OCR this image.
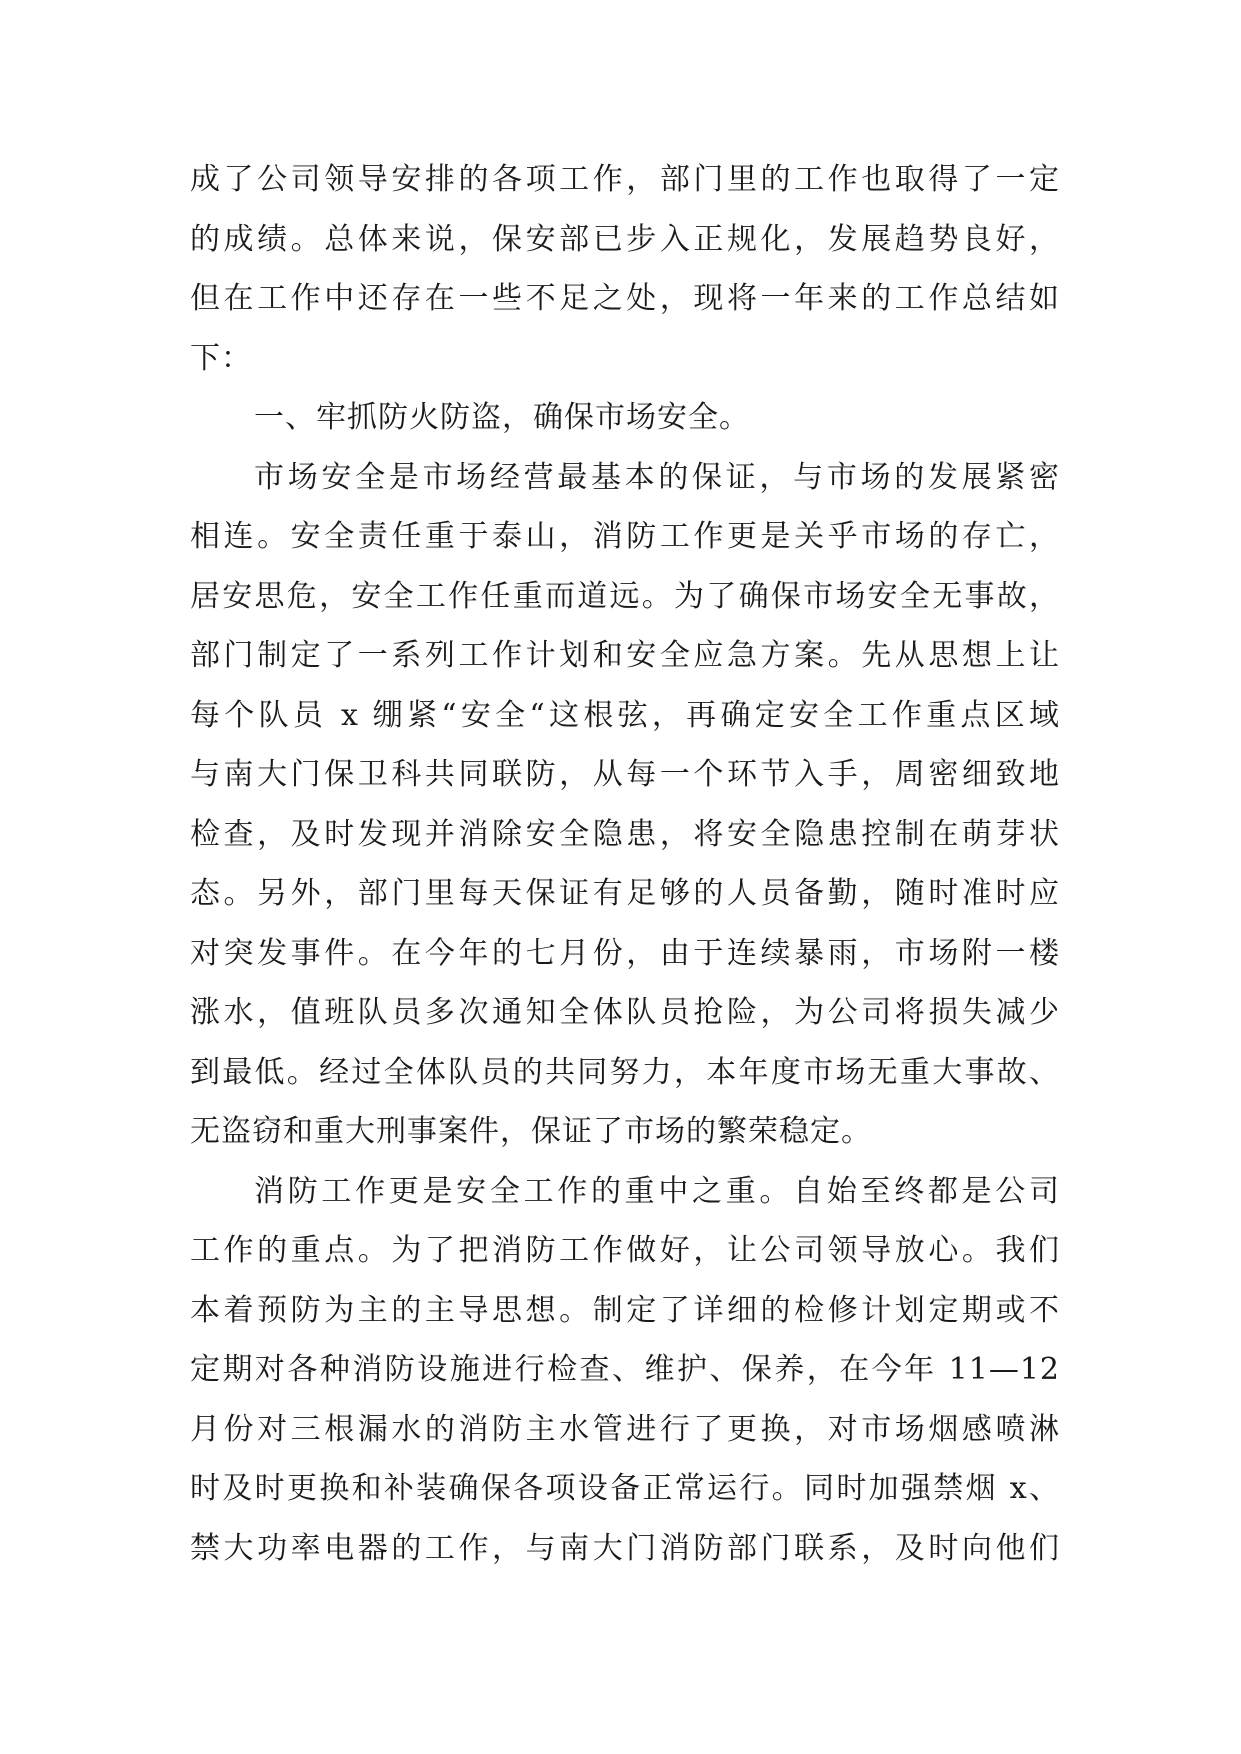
成了公司领导安排的各项工作，部门里的工作也取得了一定
的成绩。总体来说，保安部已步入正规化，发展趋势良好，
但在工作中还存在一些不足之处，现将一年来的工作总结如
下：
一、牢抓防火防盗，确保市场安全。
市场安全是市场经营最基本的保证，与市场的发展紧密
相连。安全责任重于泰山，消防工作更是关乎市场的存亡，
居安思危，安全工作任重而道远。为了确保市场安全无事故，
部门制定了一系列工作计划和安全应急方案。先从思想上让
每个队员 x 绷紧“安全“这根弦，再确定安全工作重点区域
与南大门保卫科共同联防，从每一个环节入手，周密细致地
检查，及时发现并消除安全隐患，将安全隐患控制在萌芽状
态。另外，部门里每天保证有足够的人员备勤，随时准时应
对突发事件。在今年的七月份，由于连续暴雨，市场附一楼
涨水，值班队员多次通知全体队员抢险，为公司将损失减少
到最低。经过全体队员的共同努力，本年度市场无重大事故、
无盗窃和重大刑事案件，保证了市场的繁荣稳定。
消防工作更是安全工作的重中之重。自始至终都是公司
工作的重点。为了把消防工作做好，让公司领导放心。我们
本着预防为主的主导思想。制定了详细的检修计划定期或不
定期对各种消防设施进行检查、维护、保养，在今年 11—12
月份对三根漏水的消防主水管进行了更换，对市场烟感喷淋
时及时更换和补装确保各项设备正常运行。同时加强禁烟 x、
禁大功率电器的工作，与南大门消防部门联系，及时向他们
